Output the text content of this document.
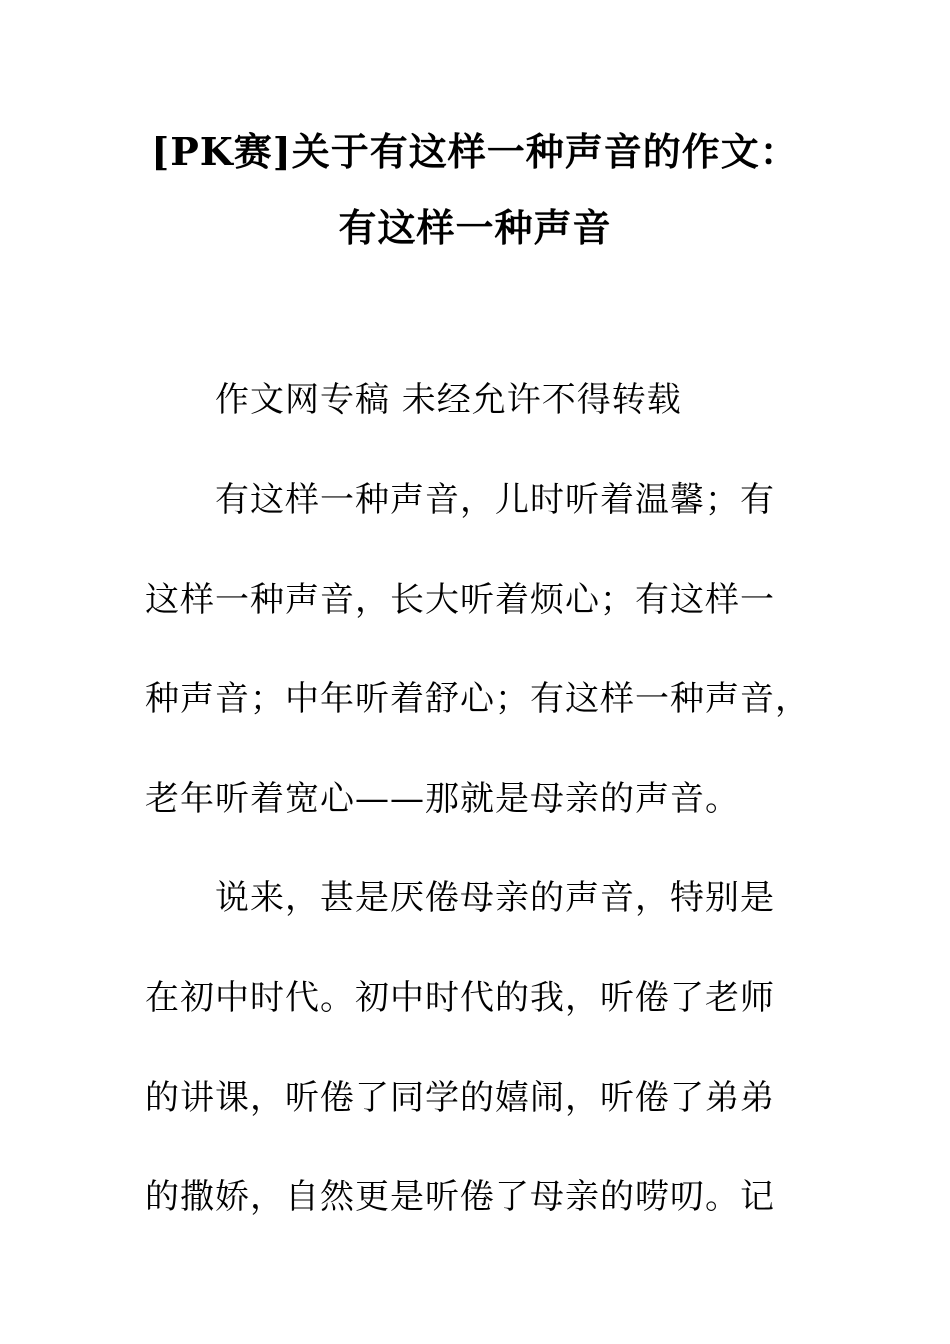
[PK赛]关于有这样一种声音的作文：
有这样一种声音
作文网专稿 未经允许不得转载
有这样一种声音，儿时听着温馨；有
这样一种声音，长大听着烦心；有这样一
种声音；中年听着舒心；有这样一种声音，
老年听着宽心——那就是母亲的声音。
说来，甚是厌倦母亲的声音，特别是
在初中时代。初中时代的我，听倦了老师
的讲课，听倦了同学的嬉闹，听倦了弟弟
的撒娇，自然更是听倦了母亲的唠叨。记
